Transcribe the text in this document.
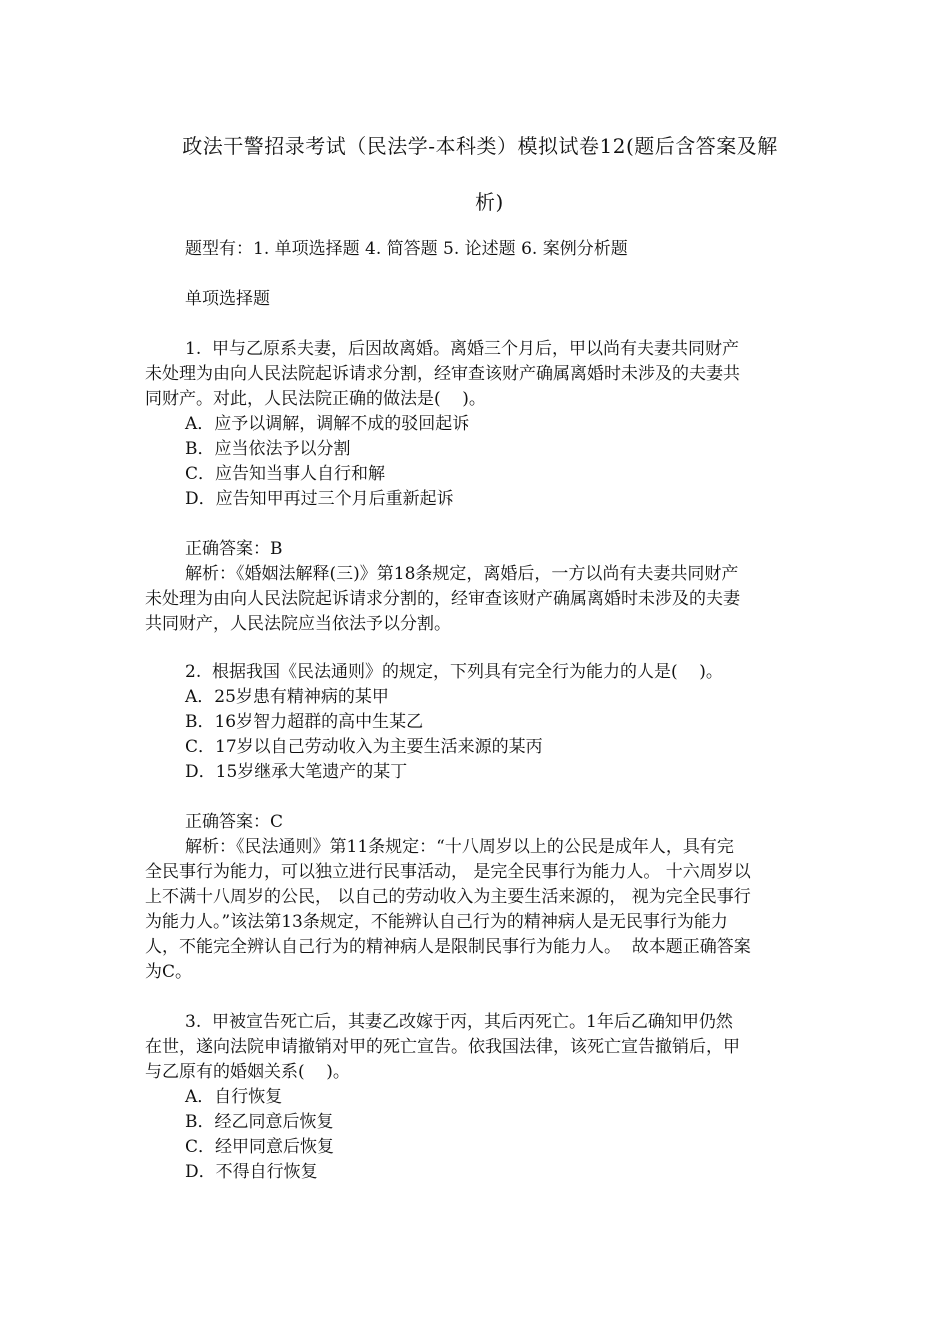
政法干警招录考试（民法学-本科类）模拟试卷12(题后含答案及解
析)
题型有：1. 单项选择题 4. 简答题 5. 论述题 6. 案例分析题
单项选择题
1.  甲与乙原系夫妻，后因故离婚。离婚三个月后，甲以尚有夫妻共同财产
未处理为由向人民法院起诉请求分割，经审查该财产确属离婚时未涉及的夫妻共
同财产。对此，人民法院正确的做法是(    )。
A．应予以调解，调解不成的驳回起诉
B．应当依法予以分割
C．应告知当事人自行和解
D．应告知甲再过三个月后重新起诉
正确答案：B
解析：《婚姻法解释(三)》第18条规定，离婚后，一方以尚有夫妻共同财产
未处理为由向人民法院起诉请求分割的，经审查该财产确属离婚时未涉及的夫妻
共同财产，人民法院应当依法予以分割。
2.  根据我国《民法通则》的规定，下列具有完全行为能力的人是(    )。
A．25岁患有精神病的某甲
B．16岁智力超群的高中生某乙
C．17岁以自己劳动收入为主要生活来源的某丙
D．15岁继承大笔遗产的某丁
正确答案：C
解析：《民法通则》第11条规定：“十八周岁以上的公民是成年人，具有完
全民事行为能力，可以独立进行民事活动， 是完全民事行为能力人。 十六周岁以
上不满十八周岁的公民， 以自己的劳动收入为主要生活来源的， 视为完全民事行
为能力人。”该法第13条规定，不能辨认自己行为的精神病人是无民事行为能力
人，不能完全辨认自己行为的精神病人是限制民事行为能力人。  故本题正确答案
为C。
3.  甲被宣告死亡后，其妻乙改嫁于丙，其后丙死亡。1年后乙确知甲仍然
在世，遂向法院申请撤销对甲的死亡宣告。依我国法律，该死亡宣告撤销后，甲
与乙原有的婚姻关系(    )。
A．自行恢复
B．经乙同意后恢复
C．经甲同意后恢复
D．不得自行恢复
